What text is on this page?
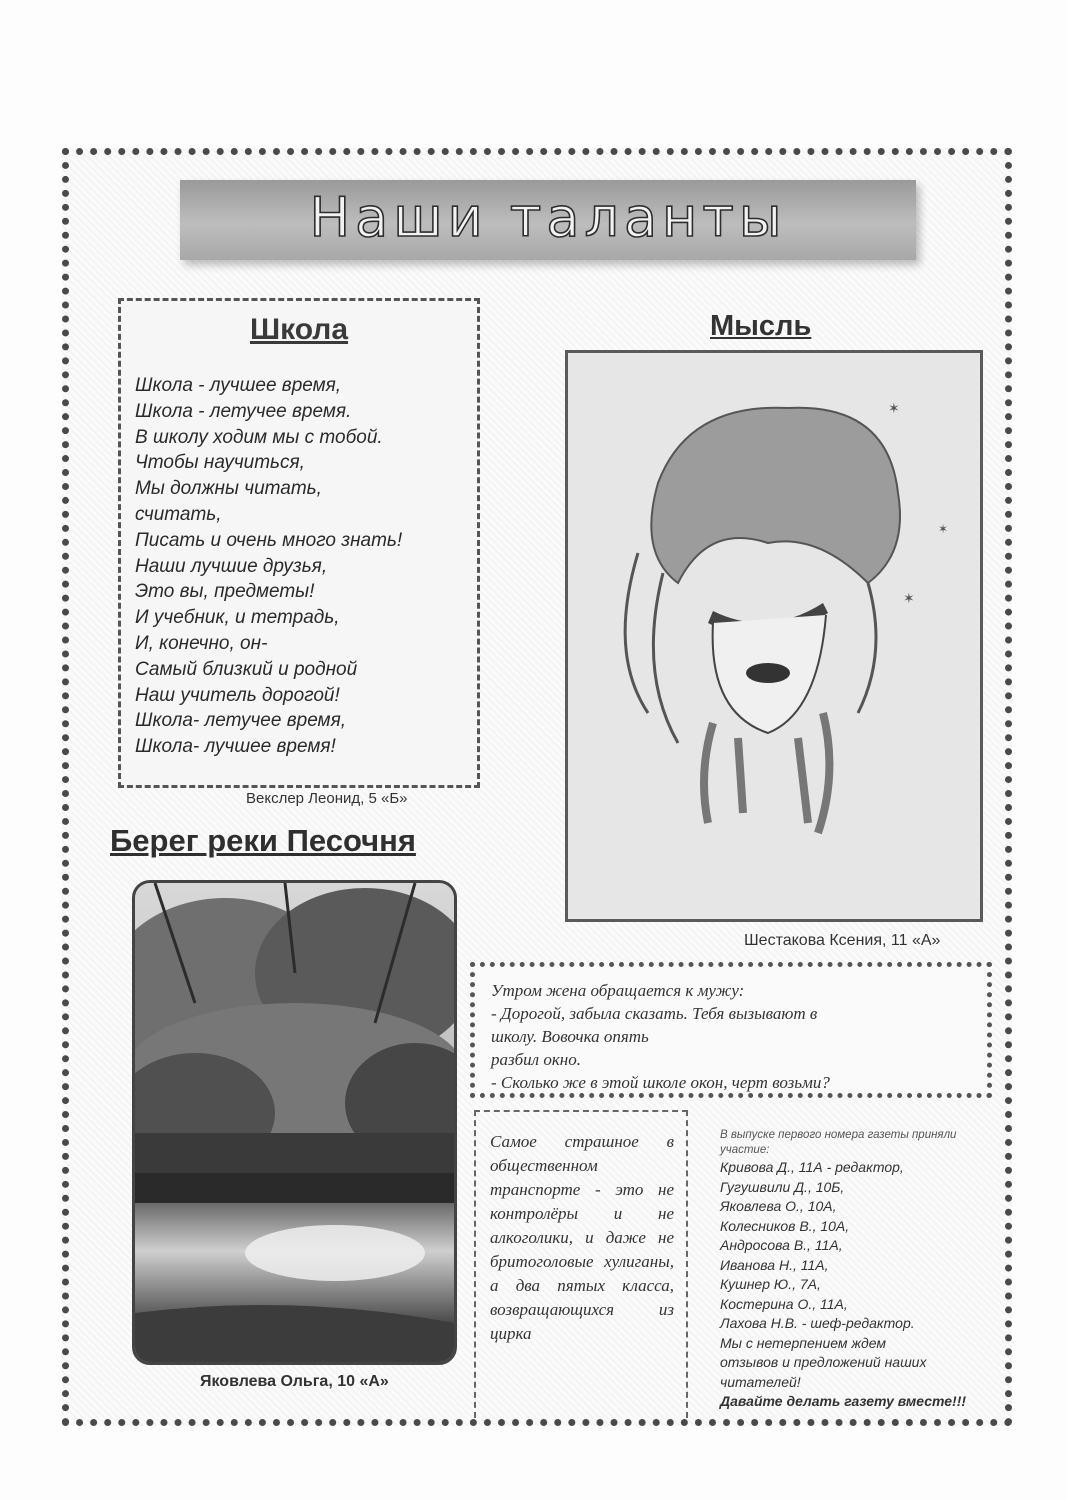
Наши таланты
Школа
Школа - лучшее время,
Школа - летучее время.
В школу ходим мы с тобой.
Чтобы научиться,
Мы должны читать,
считать,
Писать и очень много знать!
Наши лучшие друзья,
Это вы, предметы!
И учебник, и тетрадь,
И, конечно, он-
Самый близкий и родной
Наш учитель дорогой!
Школа- летучее время,
Школа- лучшее время!
Векслер Леонид, 5 «Б»
Берег реки Песочня
Яковлева Ольга, 10 «А»
Мысль
✶
✶
✶
Шестакова Ксения, 11 «А»

Утром жена обращается к мужу:
- Дорогой, забыла сказать. Тебя вызывают в
школу. Вовочка опять
разбил окно.
- Сколько же в этой школе окон, черт возьми?

Самое страшное в общественном транспорте - это не контролёры и не алкоголики, и даже не бритоголовые хулиганы, а два пятых класса, возвращающихся из цирка

В выпуске первого номера газеты приняли участие:
Кривова Д., 11А - редактор,
Гугушвили Д., 10Б,
Яковлева О., 10А,
Колесников В., 10А,
Андросова В., 11А,
Иванова Н., 11А,
Кушнер Ю., 7А,
Костерина О., 11А,
Лахова Н.В. - шеф-редактор.
Мы с нетерпением ждем
отзывов и предложений наших
читателей!
Давайте делать газету вместе!!!
